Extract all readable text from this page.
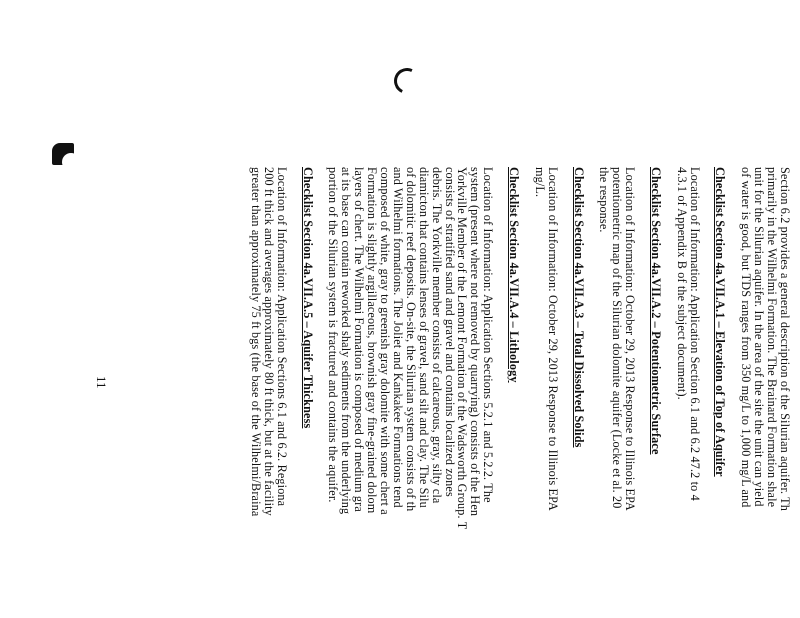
Section 6.2 provides a general description of the Silurian aquifer. Th
primarily in the Wilhelmi Formation. The Brainard Formation shale
unit for the Silurian aquifer. In the area of the site the unit can yield
of water is good, but TDS ranges from 350 mg/L to 1,000 mg/L and
Checklist Section 4a.VII.A.1 – Elevation of Top of Aquifer
Location of Information: Application Section 6.1 and 6.2 47.2 to 4
4.3.1 of Appendix B of the subject document).
Checklist Section 4a.VII.A.2 – Potentiometric Surface
Location of Information: October 29, 2013 Response to Illinois EPA
potentiometric map of the Silurian dolomite aquifer (Locke et al. 20
the response.
Checklist Section 4a.VII.A.3 – Total Dissolved Solids
Location of Information: October 29, 2013 Response to Illinois EPA
mg/L.
Checklist Section 4a.VII.A.4 – Lithology
Location of Information: Application Sections 5.2.1 and 5.2.2. The
system (present where not removed by quarrying) consists of the Hen
Yorkville Member of the Lemont Formation of the Wadsworth Group. T
consists of stratified sand and gravel and contains localized zones
debris. The Yorkville member consists of calcareous, gray, silty cla
diamicton that contains lenses of gravel, sand silt and clay. The Silu
of dolomitic reef deposits. On-site, the Silurian system consists of th
and Wilhelmi formations. The Joliet and Kankakee Formations tend
composed of white, gray to greenish gray dolomite with some chert a
Formation is slightly argillaceous, brownish gray fine-grained dolom
layers of chert. The Wilhelmi Formation is composed of medium gra
at its base can contain reworked shaly sediments from the underlying
portion of the Silurian system is fractured and contains the aquifer.
Checklist Section 4a.VII.A.5 – Aquifer Thickness
Location of Information: Application Sections 6.1 and 6.2. Regiona
200 ft thick and averages approximately 80 ft thick, but at the facility
greater than approximately 75 ft bgs (the base of the Wilhelmi/Braina
11
